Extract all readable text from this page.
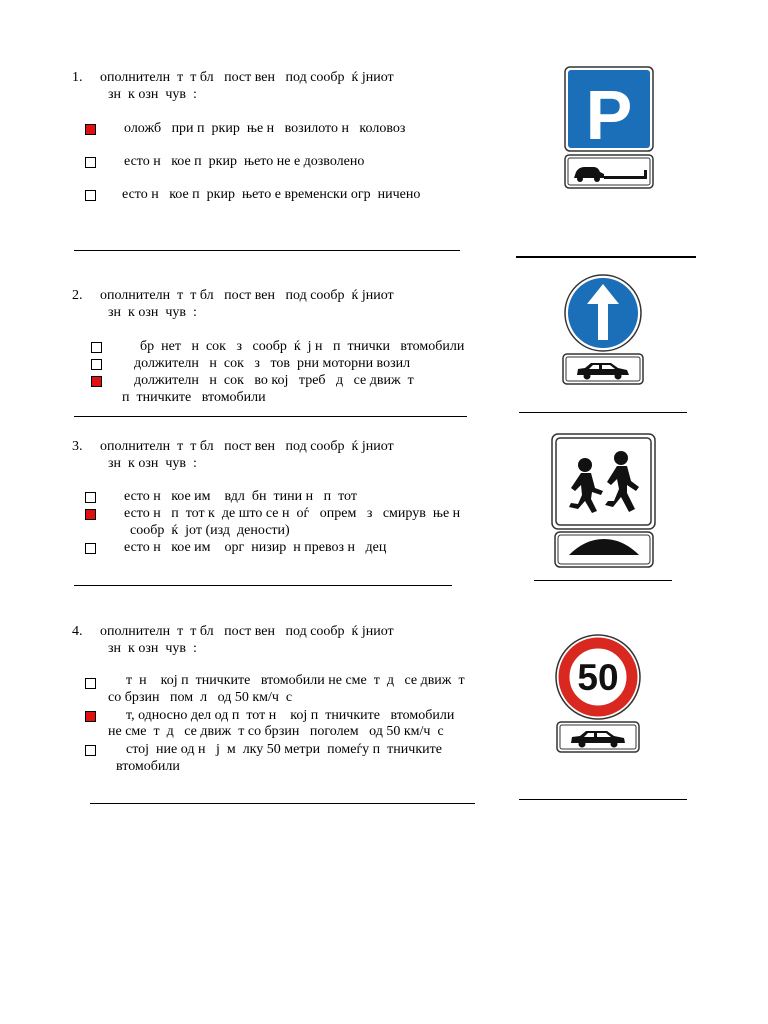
1. ополнителн  т  т бл   пост вен   под сообр  ќ јниот
зн  к озн  чув  :
оложб   при п  ркир  ње н   возилото н   коловоз
есто н   кое п  ркир  њето не е дозволено
есто н   кое п  ркир  њето е временски огр  ничено
P
2. ополнителн  т  т бл   пост вен   под сообр  ќ јниот
зн  к озн  чув  :
бр  нет   н  сок   з   сообр  ќ  ј н   п  тнички   втомобили
должителн   н  сок   з   тов  рни моторни возил
должителн   н  сок   во кој   треб   д   се движ  т
п  тничките   втомобили
3. ополнителн  т  т бл   пост вен   под сообр  ќ јниот
зн  к озн  чув  :
есто н   кое им    вдл  бн  тини н   п  тот
есто н   п  тот к  де што се н  оѓ   опрем   з   смирув  ње н
сообр  ќ  јот (изд  дености)
есто н   кое им    орг  низир  н превоз н   дец
4. ополнителн  т  т бл   пост вен   под сообр  ќ јниот
зн  к озн  чув  :
т  н    кој п  тничките   втомобили не сме  т  д   се движ  т
со брзин   пом  л   од 50 км/ч  с
т, односно дел од п  тот н    кој п  тничките   втомобили
не сме  т  д   се движ  т со брзин   поголем   од 50 км/ч  с
стој  ние од н   ј  м  лку 50 метри  помеѓу п  тничките
втомобили
50
